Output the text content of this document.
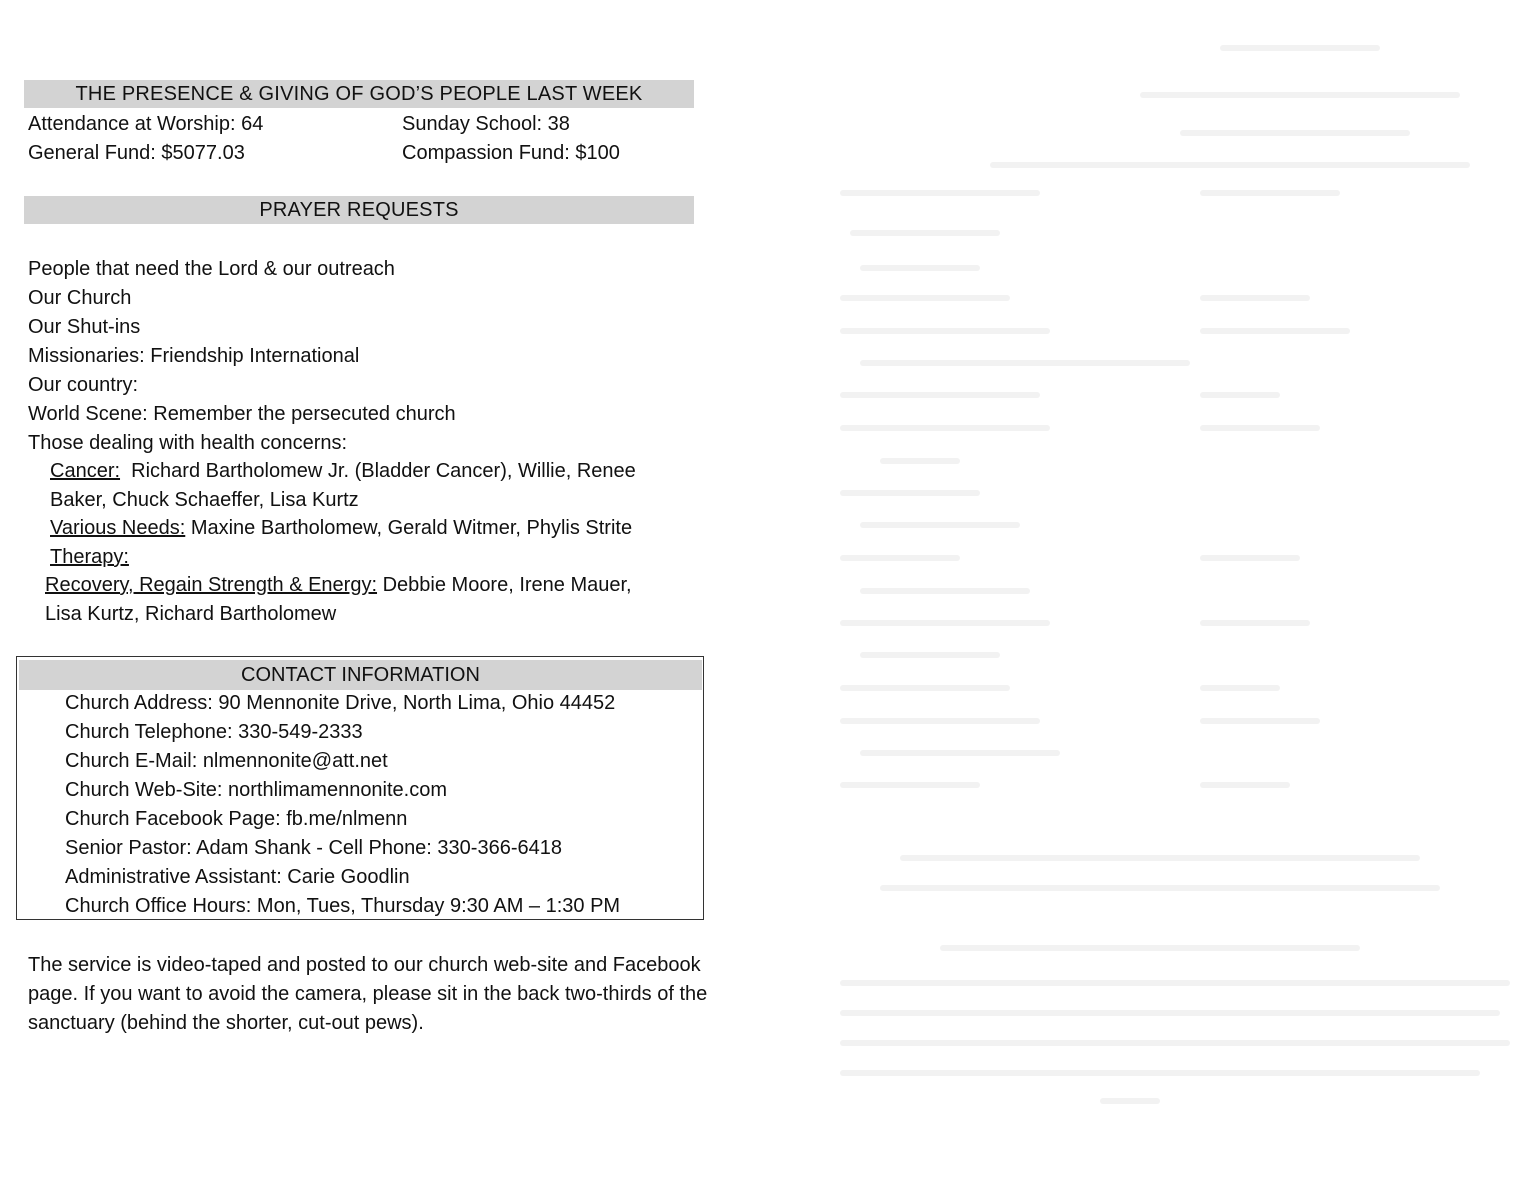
THE PRESENCE & GIVING OF GOD’S PEOPLE LAST WEEK
Attendance at Worship: 64	Sunday School: 38
General Fund: $5077.03	Compassion Fund: $100
PRAYER REQUESTS
People that need the Lord & our outreach
Our Church
Our Shut-ins
Missionaries: Friendship International
Our country:
World Scene: Remember the persecuted church
Those dealing with health concerns:
Cancer: Richard Bartholomew Jr. (Bladder Cancer), Willie, Renee
Baker, Chuck Schaeffer, Lisa Kurtz
Various Needs: Maxine Bartholomew, Gerald Witmer, Phylis Strite
Therapy:
Recovery, Regain Strength & Energy: Debbie Moore, Irene Mauer,
Lisa Kurtz, Richard Bartholomew
CONTACT INFORMATION
Church Address: 90 Mennonite Drive, North Lima, Ohio 44452
Church Telephone: 330-549-2333
Church E-Mail: nlmennonite@att.net
Church Web-Site: northlimamennonite.com
Church Facebook Page: fb.me/nlmenn
Senior Pastor: Adam Shank - Cell Phone: 330-366-6418
Administrative Assistant: Carie Goodlin
Church Office Hours: Mon, Tues, Thursday 9:30 AM – 1:30 PM
The service is video-taped and posted to our church web-site and Facebook page. If you want to avoid the camera, please sit in the back two-thirds of the sanctuary (behind the shorter, cut-out pews).
